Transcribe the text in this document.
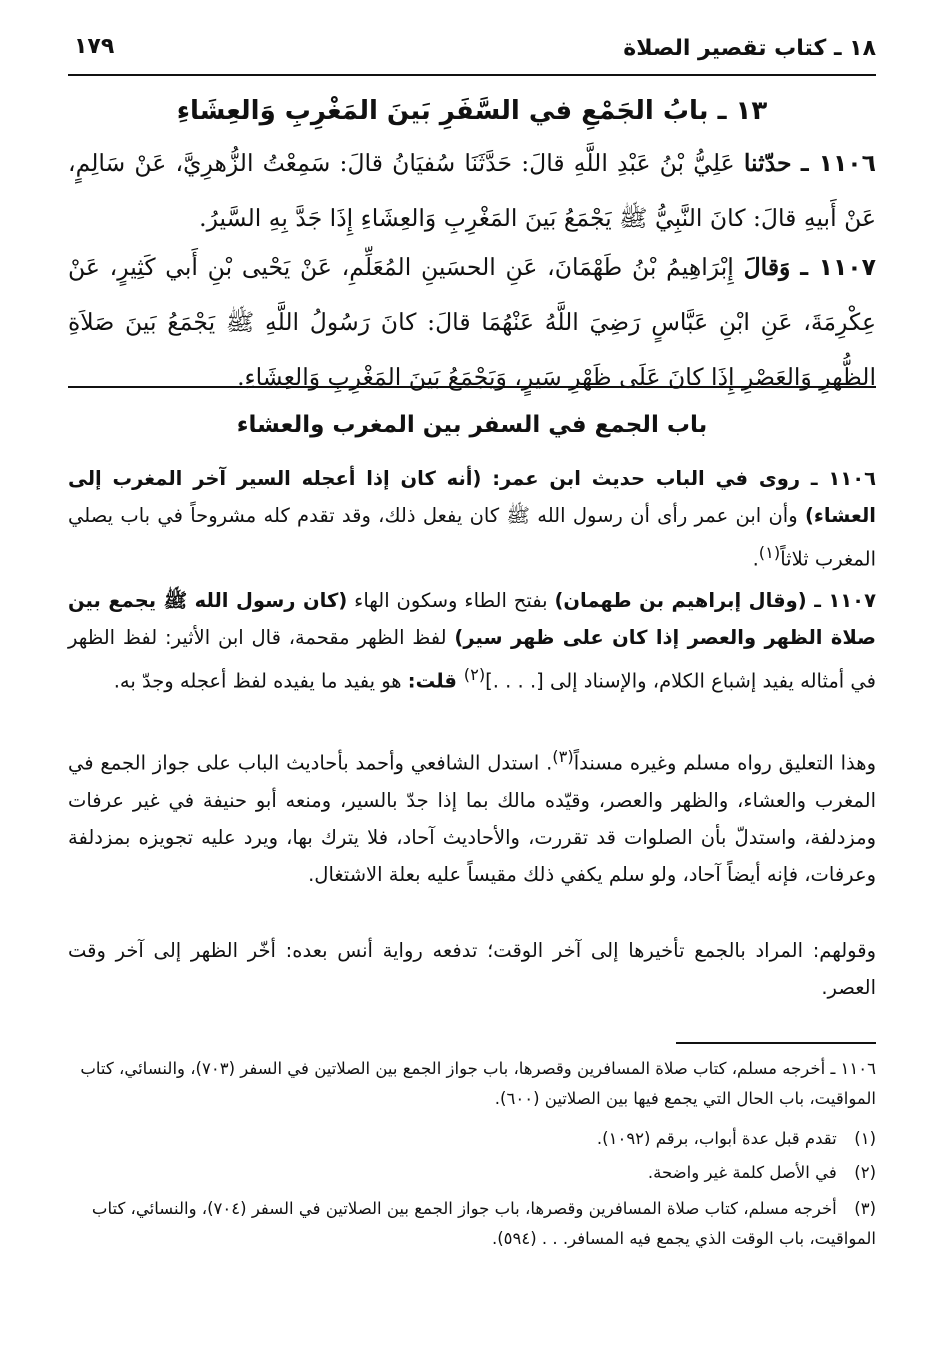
١٨ ـ كتاب تقصير الصلاة
١٧٩
١٣ ـ بابُ الجَمْعِ في السَّفَرِ بَينَ المَغْرِبِ وَالعِشَاءِ

١١٠٦ ـ حدّثنا عَلِيُّ بْنُ عَبْدِ اللَّهِ قالَ: حَدَّثَنَا سُفيَانُ قالَ: سَمِعْتُ الزُّهرِيَّ، عَنْ سَالِمٍ، عَنْ أَبيهِ قالَ: كانَ النَّبِيُّ ﷺ يَجْمَعُ بَينَ المَغْرِبِ وَالعِشَاءِ إِذَا جَدَّ بِهِ السَّيرُ.

١١٠٧ ـ وَقالَ إِبْرَاهِيمُ بْنُ طَهْمَانَ، عَنِ الحسَينِ المُعَلِّمِ، عَنْ يَحْيى بْنِ أَبي كَثِيرٍ، عَنْ عِكْرِمَةَ، عَنِ ابْنِ عَبَّاسٍ رَضِيَ اللَّهُ عَنْهُمَا قالَ: كانَ رَسُولُ اللَّهِ ﷺ يَجْمَعُ بَينَ صَلاَةِ الظُّهرِ وَالعَصْرِ إِذَا كانَ عَلَى ظَهْرِ سَيرٍ، وَيَجْمَعُ بَينَ المَغْرِبِ وَالعِشَاءِ.

باب الجمع في السفر بين المغرب والعشاء

١١٠٦ ـ روى في الباب حديث ابن عمر: (أنه كان إذا أعجله السير آخر المغرب إلى العشاء) وأن ابن عمر رأى أن رسول الله ﷺ كان يفعل ذلك، وقد تقدم كله مشروحاً في باب يصلي المغرب ثلاثاً$^{(١)}$.

١١٠٧ ـ (وقال إبراهيم بن طهمان) بفتح الطاء وسكون الهاء (كان رسول الله ﷺ يجمع بين صلاة الظهر والعصر إذا كان على ظهر سير) لفظ الظهر مقحمة، قال ابن الأثير: لفظ الظهر في أمثاله يفيد إشباع الكلام، والإسناد إلى [. . . .]$^{(٢)}$ قلت: هو يفيد ما يفيده لفظ أعجله وجدّ به.

وهذا التعليق رواه مسلم وغيره مسنداً$^{(٣)}$. استدل الشافعي وأحمد بأحاديث الباب على جواز الجمع في المغرب والعشاء، والظهر والعصر، وقيّده مالك بما إذا جدّ بالسير، ومنعه أبو حنيفة في غير عرفات ومزدلفة، واستدلّ بأن الصلوات قد تقررت، والأحاديث آحاد، فلا يترك بها، ويرد عليه تجويزه بمزدلفة وعرفات، فإنه أيضاً آحاد، ولو سلم يكفي ذلك مقيساً عليه بعلة الاشتغال.

وقولهم: المراد بالجمع تأخيرها إلى آخر الوقت؛ تدفعه رواية أنس بعده: أخّر الظهر إلى آخر وقت العصر.

١١٠٦ ـ أخرجه مسلم، كتاب صلاة المسافرين وقصرها، باب جواز الجمع بين الصلاتين في السفر (٧٠٣)، والنسائي، كتاب المواقيت، باب الحال التي يجمع فيها بين الصلاتين (٦٠٠).

(١) تقدم قبل عدة أبواب، برقم (١٠٩٢).

(٢) في الأصل كلمة غير واضحة.

(٣) أخرجه مسلم، كتاب صلاة المسافرين وقصرها، باب جواز الجمع بين الصلاتين في السفر (٧٠٤)، والنسائي، كتاب المواقيت، باب الوقت الذي يجمع فيه المسافر. . . (٥٩٤).
